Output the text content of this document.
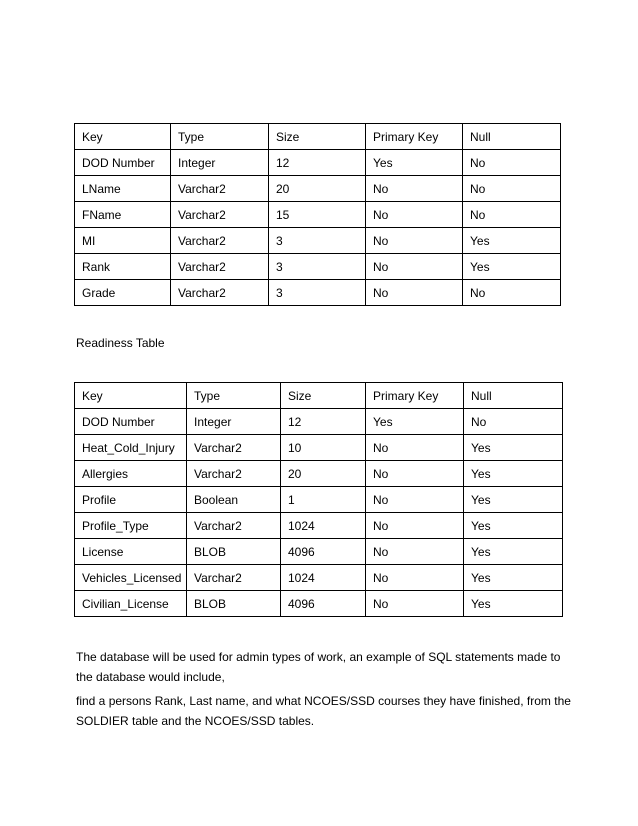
Key	Type	Size	Primary Key	Null
DOD Number	Integer	12	Yes	No
LName	Varchar2	20	No	No
FName	Varchar2	15	No	No
MI	Varchar2	3	No	Yes
Rank	Varchar2	3	No	Yes
Grade	Varchar2	3	No	No

Readiness Table

Key	Type	Size	Primary Key	Null
DOD Number	Integer	12	Yes	No
Heat_Cold_Injury	Varchar2	10	No	Yes
Allergies	Varchar2	20	No	Yes
Profile	Boolean	1	No	Yes
Profile_Type	Varchar2	1024	No	Yes
License	BLOB	4096	No	Yes
Vehicles_Licensed	Varchar2	1024	No	Yes
Civilian_License	BLOB	4096	No	Yes

The database will be used for admin types of work, an example of SQL statements made to the database would include,

find a persons Rank, Last name, and what NCOES/SSD courses they have finished, from the SOLDIER table and the NCOES/SSD tables.
